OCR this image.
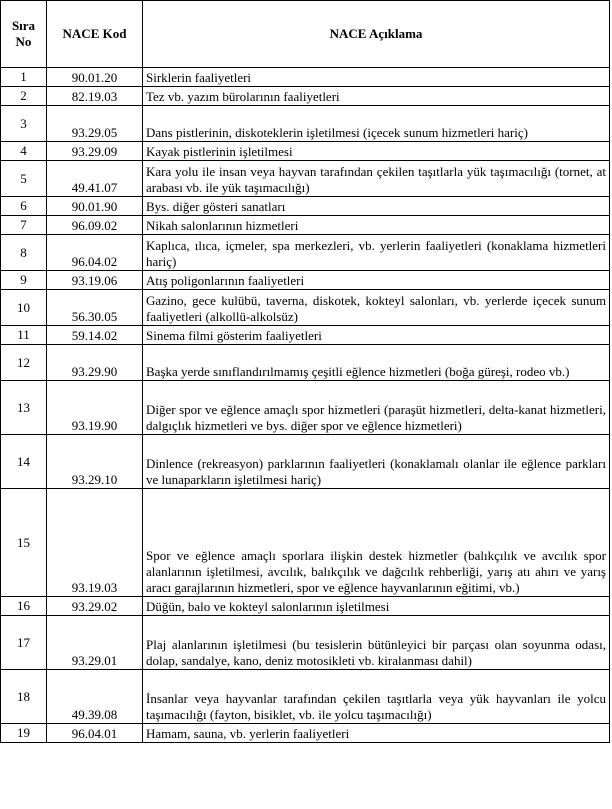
Sıra No	NACE Kod	NACE Açıklama
1	90.01.20	Sirklerin faaliyetleri
2	82.19.03	Tez vb. yazım bürolarının faaliyetleri
3	93.29.05	Dans pistlerinin, diskoteklerin işletilmesi (içecek sunum hizmetleri hariç)
4	93.29.09	Kayak pistlerinin işletilmesi
5	49.41.07	Kara yolu ile insan veya hayvan tarafından çekilen taşıtlarla yük taşımacılığı (tornet, at arabası vb. ile yük taşımacılığı)
6	90.01.90	Bys. diğer gösteri sanatları
7	96.09.02	Nikah salonlarının hizmetleri
8	96.04.02	Kaplıca, ılıca, içmeler, spa merkezleri, vb. yerlerin faaliyetleri (konaklama hizmetleri hariç)
9	93.19.06	Atış poligonlarının faaliyetleri
10	56.30.05	Gazino, gece kulübü, taverna, diskotek, kokteyl salonları, vb. yerlerde içecek sunum faaliyetleri (alkollü-alkolsüz)
11	59.14.02	Sinema filmi gösterim faaliyetleri
12	93.29.90	Başka yerde sınıflandırılmamış çeşitli eğlence hizmetleri (boğa güreşi, rodeo vb.)
13	93.19.90	Diğer spor ve eğlence amaçlı spor hizmetleri (paraşüt hizmetleri, delta-kanat hizmetleri, dalgıçlık hizmetleri ve bys. diğer spor ve eğlence hizmetleri)
14	93.29.10	Dinlence (rekreasyon) parklarının faaliyetleri (konaklamalı olanlar ile eğlence parkları ve lunaparkların işletilmesi hariç)
15	93.19.03	Spor ve eğlence amaçlı sporlara ilişkin destek hizmetler (balıkçılık ve avcılık spor alanlarının işletilmesi, avcılık, balıkçılık ve dağcılık rehberliği, yarış atı ahırı ve yarış aracı garajlarının hizmetleri, spor ve eğlence hayvanlarının eğitimi, vb.)
16	93.29.02	Düğün, balo ve kokteyl salonlarının işletilmesi
17	93.29.01	Plaj alanlarının işletilmesi (bu tesislerin bütünleyici bir parçası olan soyunma odası, dolap, sandalye, kano, deniz motosikleti vb. kiralanması dahil)
18	49.39.08	İnsanlar veya hayvanlar tarafından çekilen taşıtlarla veya yük hayvanları ile yolcu taşımacılığı (fayton, bisiklet, vb. ile yolcu taşımacılığı)
19	96.04.01	Hamam, sauna, vb. yerlerin faaliyetleri
